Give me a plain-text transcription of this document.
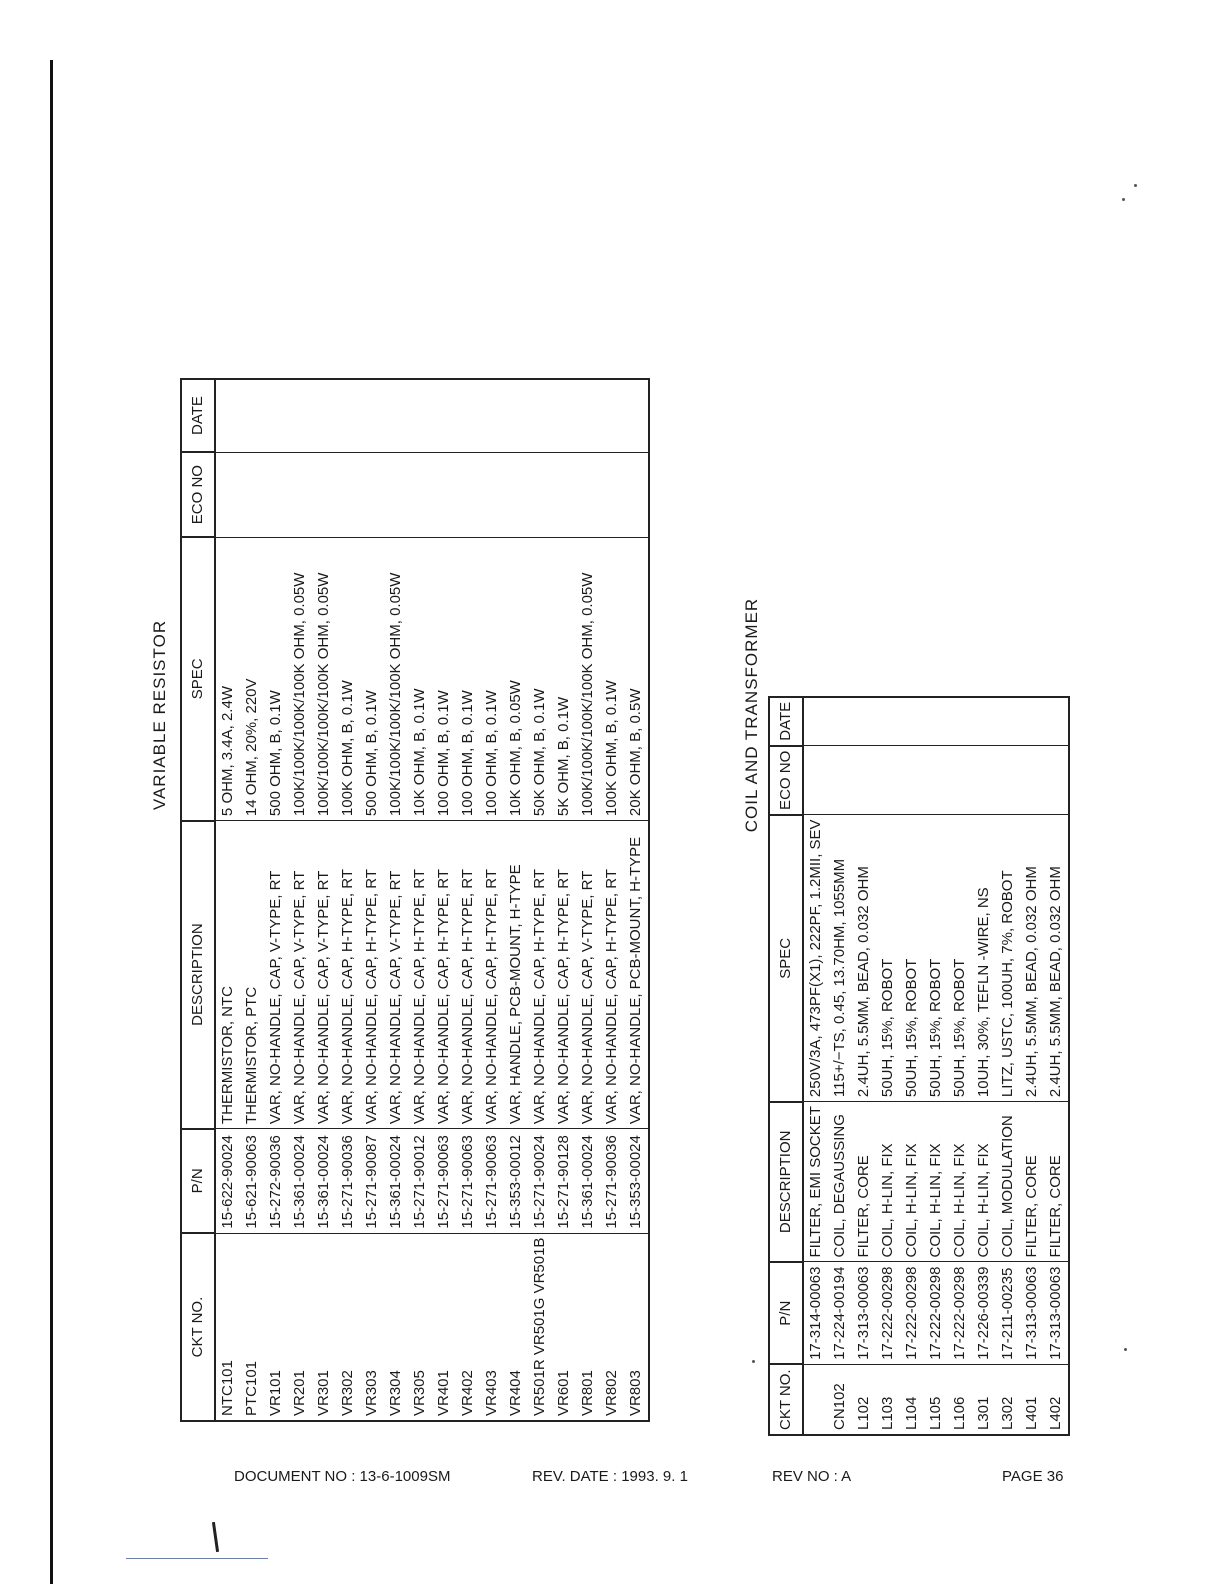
VARIABLE RESISTOR
CKT NO.	P/N	DESCRIPTION	SPEC	ECO NO	DATE
NTC101	15-622-90024	THERMISTOR, NTC	5 OHM, 3.4A, 2.4W		
PTC101	15-621-90063	THERMISTOR, PTC	14 OHM, 20%, 220V		
VR101	15-272-90036	VAR, NO-HANDLE, CAP, V-TYPE, RT	500 OHM, B, 0.1W		
VR201	15-361-00024	VAR, NO-HANDLE, CAP, V-TYPE, RT	100K/100K/100K/100K OHM, 0.05W		
VR301	15-361-00024	VAR, NO-HANDLE, CAP, V-TYPE, RT	100K/100K/100K/100K OHM, 0.05W		
VR302	15-271-90036	VAR, NO-HANDLE, CAP, H-TYPE, RT	100K OHM, B, 0.1W		
VR303	15-271-90087	VAR, NO-HANDLE, CAP, H-TYPE, RT	500 OHM, B, 0.1W		
VR304	15-361-00024	VAR, NO-HANDLE, CAP, V-TYPE, RT	100K/100K/100K/100K OHM, 0.05W		
VR305	15-271-90012	VAR, NO-HANDLE, CAP, H-TYPE, RT	10K OHM, B, 0.1W		
VR401	15-271-90063	VAR, NO-HANDLE, CAP, H-TYPE, RT	100 OHM, B, 0.1W		
VR402	15-271-90063	VAR, NO-HANDLE, CAP, H-TYPE, RT	100 OHM, B, 0.1W		
VR403	15-271-90063	VAR, NO-HANDLE, CAP, H-TYPE, RT	100 OHM, B, 0.1W		
VR404	15-353-00012	VAR, HANDLE, PCB-MOUNT, H-TYPE	10K OHM, B, 0.05W		
VR501R VR501G VR501B	15-271-90024	VAR, NO-HANDLE, CAP, H-TYPE, RT	50K OHM, B, 0.1W		
VR601	15-271-90128	VAR, NO-HANDLE, CAP, H-TYPE, RT	5K OHM, B, 0.1W		
VR801	15-361-00024	VAR, NO-HANDLE, CAP, V-TYPE, RT	100K/100K/100K/100K OHM, 0.05W		
VR802	15-271-90036	VAR, NO-HANDLE, CAP, H-TYPE, RT	100K OHM, B, 0.1W		
VR803	15-353-00024	VAR, NO-HANDLE, PCB-MOUNT, H-TYPE	20K OHM, B, 0.5W			COIL AND TRANSFORMER
CKT NO.	P/N	DESCRIPTION	SPEC	ECO NO	DATE
	17-314-00063	FILTER, EMI SOCKET	250V/3A, 473PF(X1), 222PF, 1.2MII, SEV		
CN102	17-224-00194	COIL, DEGAUSSING	115+/−TS, 0.45, 13.70HM, 1055MM		
L102	17-313-00063	FILTER, CORE	2.4UH, 5.5MM, BEAD, 0.032 OHM		
L103	17-222-00298	COIL, H-LIN, FIX	50UH, 15%, ROBOT		
L104	17-222-00298	COIL, H-LIN, FIX	50UH, 15%, ROBOT		
L105	17-222-00298	COIL, H-LIN, FIX	50UH, 15%, ROBOT		
L106	17-222-00298	COIL, H-LIN, FIX	50UH, 15%, ROBOT		
L301	17-226-00339	COIL, H-LIN, FIX	10UH, 30%, TEFLN -WIRE, NS		
L302	17-211-00235	COIL, MODULATION	LITZ, USTC, 100UH, 7%, ROBOT		
L401	17-313-00063	FILTER, CORE	2.4UH, 5.5MM, BEAD, 0.032 OHM		
L402	17-313-00063	FILTER, CORE	2.4UH, 5.5MM, BEAD, 0.032 OHM		
DOCUMENT NO : 13-6-1009SM	REV. DATE : 1993. 9. 1	REV NO : A	PAGE 36
